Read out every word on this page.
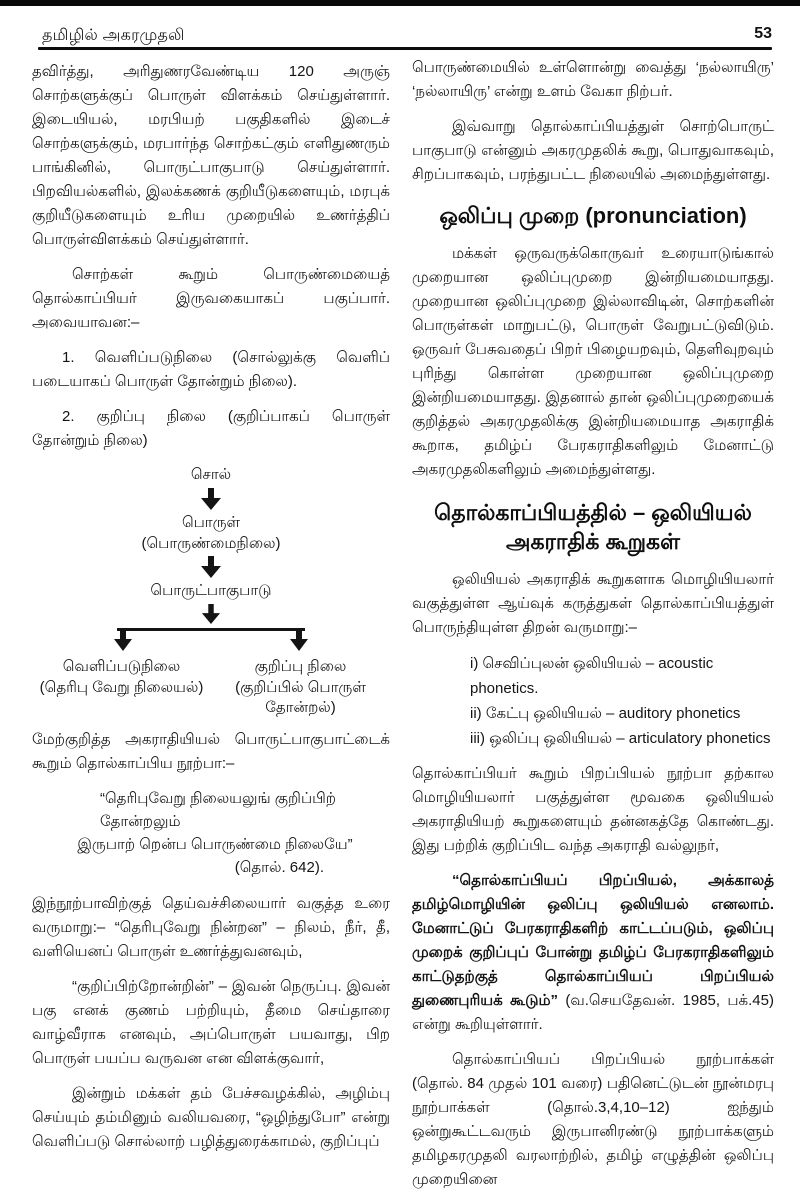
தமிழில் அகரமுதலி	53

தவிர்த்து, அரிதுணரவேண்டிய 120 அருஞ் சொற்களுக்குப் பொருள் விளக்கம் செய்துள்ளார். இடையியல், மரபியற் பகுதிகளில் இடைச் சொற்களுக்கும், மரபார்ந்த சொற்கட்கும் எளிதுணரும் பாங்கினில், பொருட்பாகுபாடு செய்துள்ளார். பிறவியல்களில், இலக்கணக் குறியீடுகளையும், மரபுக் குறியீடுகளையும் உரிய முறையில் உணர்த்திப் பொருள்விளக்கம் செய்துள்ளார்.

சொற்கள் கூறும் பொருண்மையைத் தொல்காப்பியர் இருவகையாகப் பகுப்பார். அவையாவன:–

1. வெளிப்படுநிலை (சொல்லுக்கு வெளிப் படையாகப் பொருள் தோன்றும் நிலை).

2. குறிப்பு நிலை (குறிப்பாகப் பொருள் தோன்றும் நிலை)

சொல்
பொருள்
(பொருண்மைநிலை)
பொருட்பாகுபாடு
வெளிப்படுநிலை
(தெரிபு வேறு நிலையல்)
குறிப்பு நிலை
(குறிப்பில் பொருள் தோன்றல்)

மேற்குறித்த அகராதியியல் பொருட்பாகுபாட்டைக் கூறும் தொல்காப்பிய நூற்பா:–

“தெரிபுவேறு நிலையலுங் குறிப்பிற் தோன்றலும்
இருபாற் றென்ப பொருண்மை நிலையே”
(தொல். 642).

இந்நூற்பாவிற்குத் தெய்வச்சிலையார் வகுத்த உரை வருமாறு:– “தெரிபுவேறு நின்றன” – நிலம், நீர், தீ, வளியெனப் பொருள் உணர்த்துவனவும்,

“குறிப்பிற்றோன்றின்” – இவன் நெருப்பு. இவன் பகு எனக் குணம் பற்றியும், தீமை செய்தாரை வாழ்வீராக எனவும், அப்பொருள் பயவாது, பிற பொருள் பயப்ப வருவன என விளக்குவார்,

இன்றும் மக்கள் தம் பேச்சவழக்கில், அழிம்பு செய்யும் தம்மினும் வலியவரை, “ஒழிந்துபோ” என்று வெளிப்படு சொல்லாற் பழித்துரைக்காமல், குறிப்புப்

பொருண்மையில் உள்ளொன்று வைத்து ‘நல்லாயிரு’ ‘நல்லாயிரு’ என்று உளம் வேகா நிற்பர்.

இவ்வாறு தொல்காப்பியத்துள் சொற்பொருட் பாகுபாடு என்னும் அகரமுதலிக் கூறு, பொதுவாகவும், சிறப்பாகவும், பரந்துபட்ட நிலையில் அமைந்துள்ளது.

ஒலிப்பு முறை (pronunciation)

மக்கள் ஒருவருக்கொருவர் உரையாடுங்கால் முறையான ஒலிப்புமுறை இன்றியமையாதது. முறையான ஒலிப்புமுறை இல்லாவிடின், சொற்களின் பொருள்கள் மாறுபட்டு, பொருள் வேறுபட்டுவிடும். ஒருவர் பேசுவதைப் பிறர் பிழையறவும், தெளிவுறவும் புரிந்து கொள்ள முறையான ஒலிப்புமுறை இன்றியமையாதது. இதனால் தான் ஒலிப்புமுறையைக் குறித்தல் அகரமுதலிக்கு இன்றியமையாத அகராதிக் கூறாக, தமிழ்ப் பேரகராதிகளிலும் மேனாட்டு அகரமுதலிகளிலும் அமைந்துள்ளது.

தொல்காப்பியத்தில் – ஒலியியல்
அகராதிக் கூறுகள்

ஒலியியல் அகராதிக் கூறுகளாக மொழியியலார் வகுத்துள்ள ஆய்வுக் கருத்துகள் தொல்காப்பியத்துள் பொருந்தியுள்ள திறன் வருமாறு:–

i) செவிப்புலன் ஒலியியல் – acoustic phonetics.
ii) கேட்பு ஒலியியல் – auditory phonetics
iii) ஒலிப்பு ஒலியியல் – articulatory phonetics

தொல்காப்பியர் கூறும் பிறப்பியல் நூற்பா தற்கால மொழியியலார் பகுத்துள்ள மூவகை ஒலியியல் அகராதியியற் கூறுகளையும் தன்னகத்தே கொண்டது. இது பற்றிக் குறிப்பிட வந்த அகராதி வல்லுநர்,

“தொல்காப்பியப் பிறப்பியல், அக்காலத் தமிழ்மொழியின் ஒலிப்பு ஒலியியல் எனலாம். மேனாட்டுப் பேரகராதிகளிற் காட்டப்படும், ஒலிப்பு முறைக் குறிப்புப் போன்று தமிழ்ப் பேரகராதிகளிலும் காட்டுதற்குத் தொல்காப்பியப் பிறப்பியல் துணைபுரியக் கூடும்” (வ.செயதேவன். 1985, பக்.45) என்று கூறியுள்ளார்.

தொல்காப்பியப் பிறப்பியல் நூற்பாக்கள் (தொல். 84 முதல் 101 வரை) பதினெட்டுடன் நூன்மரபு நூற்பாக்கள் (தொல்.3,4,10–12) ஐந்தும் ஒன்றுகூட்டவரும் இருபானிரண்டு நூற்பாக்களும் தமிழகரமுதலி வரலாற்றில், தமிழ் எழுத்தின் ஒலிப்பு முறையினை
